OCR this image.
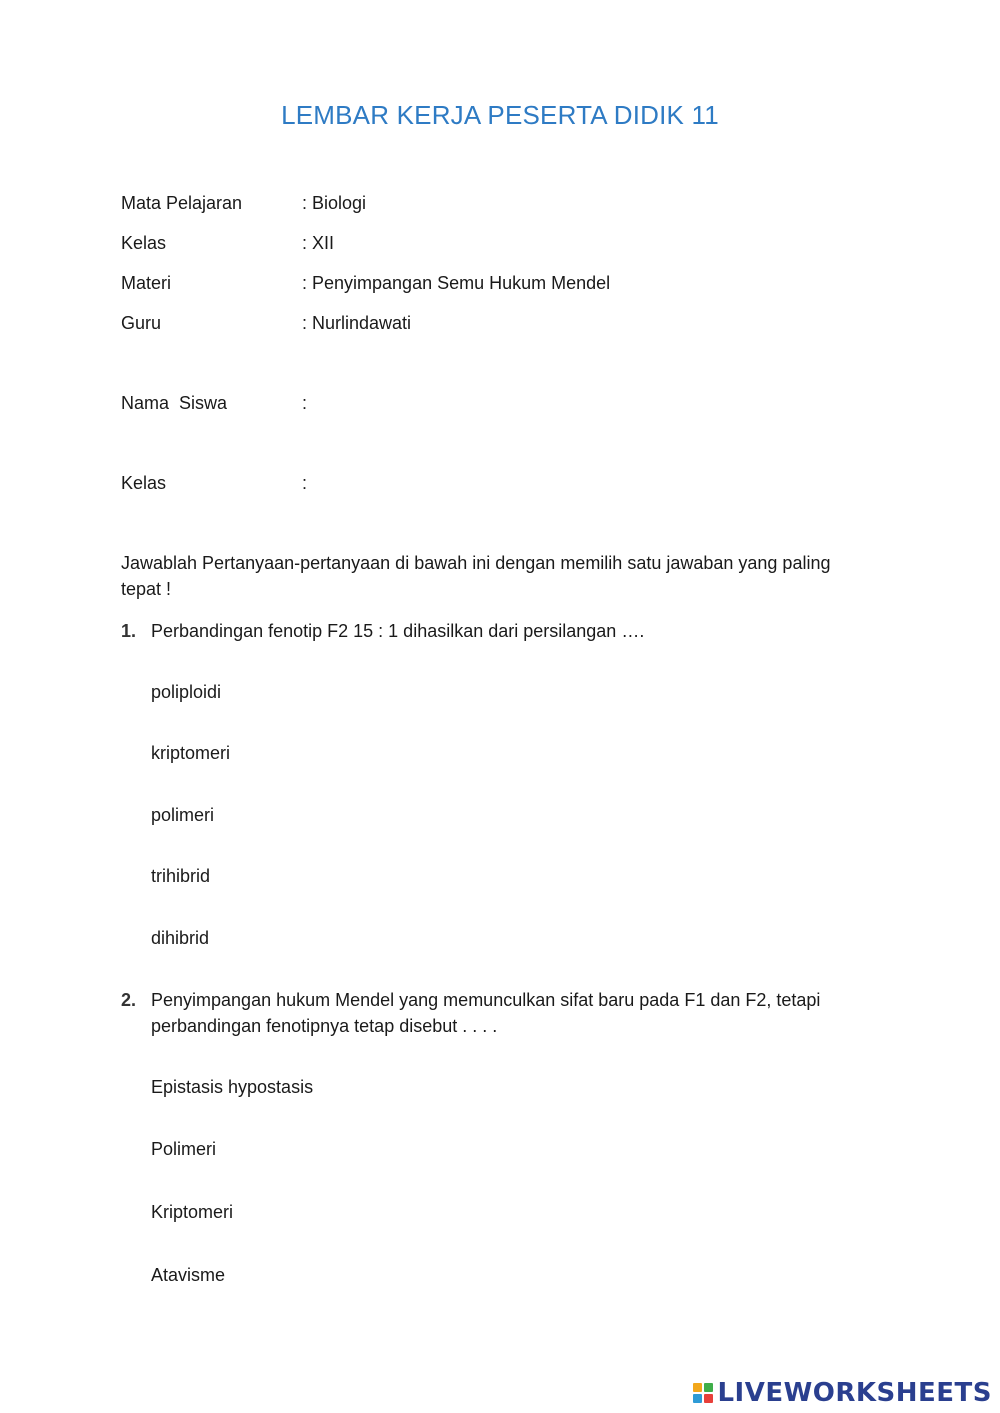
LEMBAR KERJA PESERTA DIDIK 11
Mata Pelajaran	: Biologi
Kelas	: XII
Materi	: Penyimpangan Semu Hukum Mendel
Guru	: Nurlindawati
Nama  Siswa	:
Kelas	:
Jawablah Pertanyaan-pertanyaan di bawah ini dengan memilih satu jawaban yang paling tepat !
1. Perbandingan fenotip F2 15 : 1 dihasilkan dari persilangan ….
poliploidi
kriptomeri
polimeri
trihibrid
dihibrid
2. Penyimpangan hukum Mendel yang memunculkan sifat baru pada F1 dan F2, tetapi perbandingan fenotipnya tetap disebut . . . .
Epistasis hypostasis
Polimeri
Kriptomeri
Atavisme
LIVEWORKSHEETS
